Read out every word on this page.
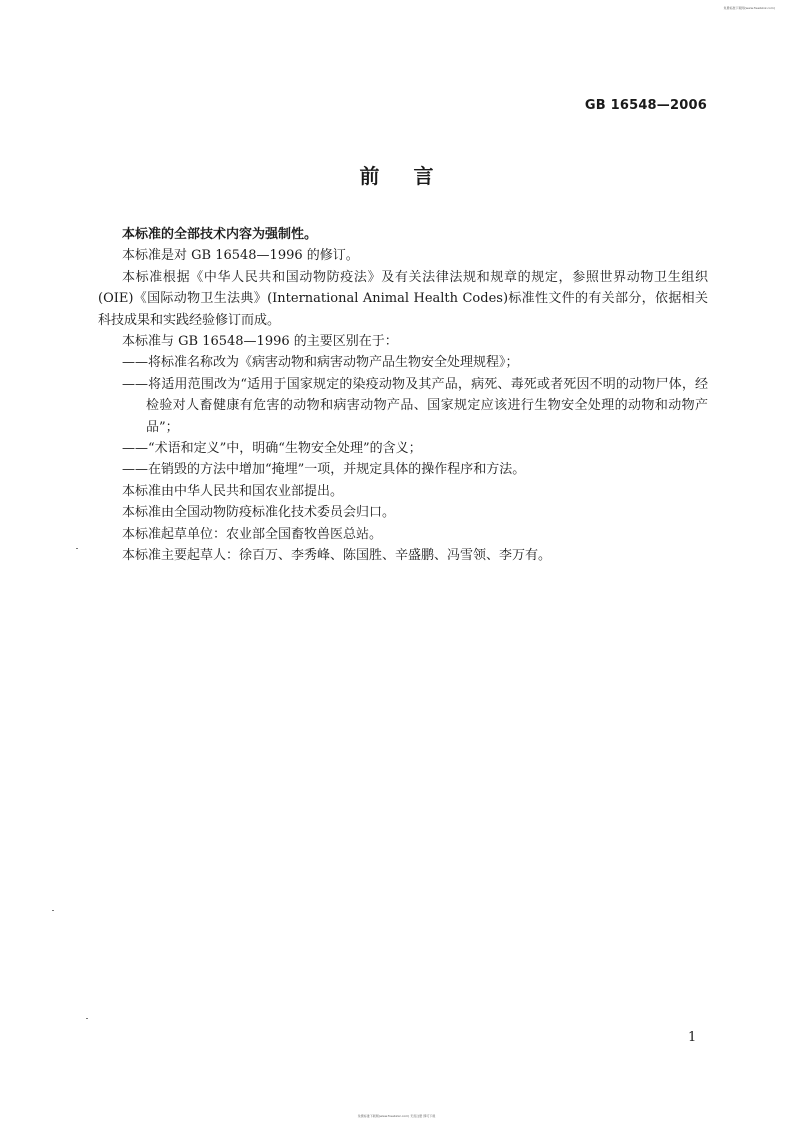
免费标准下载网(www.freebzxz.com)
GB 16548—2006
前言

本标准的全部技术内容为强制性。

本标准是对 GB 16548—1996 的修订。

本标准根据《中华人民共和国动物防疫法》及有关法律法规和规章的规定，参照世界动物卫生组织(OIE)《国际动物卫生法典》(International Animal Health Codes)标准性文件的有关部分，依据相关科技成果和实践经验修订而成。

本标准与 GB 16548—1996 的主要区别在于：

——将标准名称改为《病害动物和病害动物产品生物安全处理规程》；

——将适用范围改为“适用于国家规定的染疫动物及其产品，病死、毒死或者死因不明的动物尸体，经检验对人畜健康有危害的动物和病害动物产品、国家规定应该进行生物安全处理的动物和动物产品”；

——“术语和定义”中，明确“生物安全处理”的含义；

——在销毁的方法中增加“掩埋”一项，并规定具体的操作程序和方法。

本标准由中华人民共和国农业部提出。

本标准由全国动物防疫标准化技术委员会归口。

本标准起草单位：农业部全国畜牧兽医总站。

本标准主要起草人：徐百万、李秀峰、陈国胜、辛盛鹏、冯雪领、李万有。

1
免费标准下载网(www.freebzxz.com) 无需注册 即可下载
